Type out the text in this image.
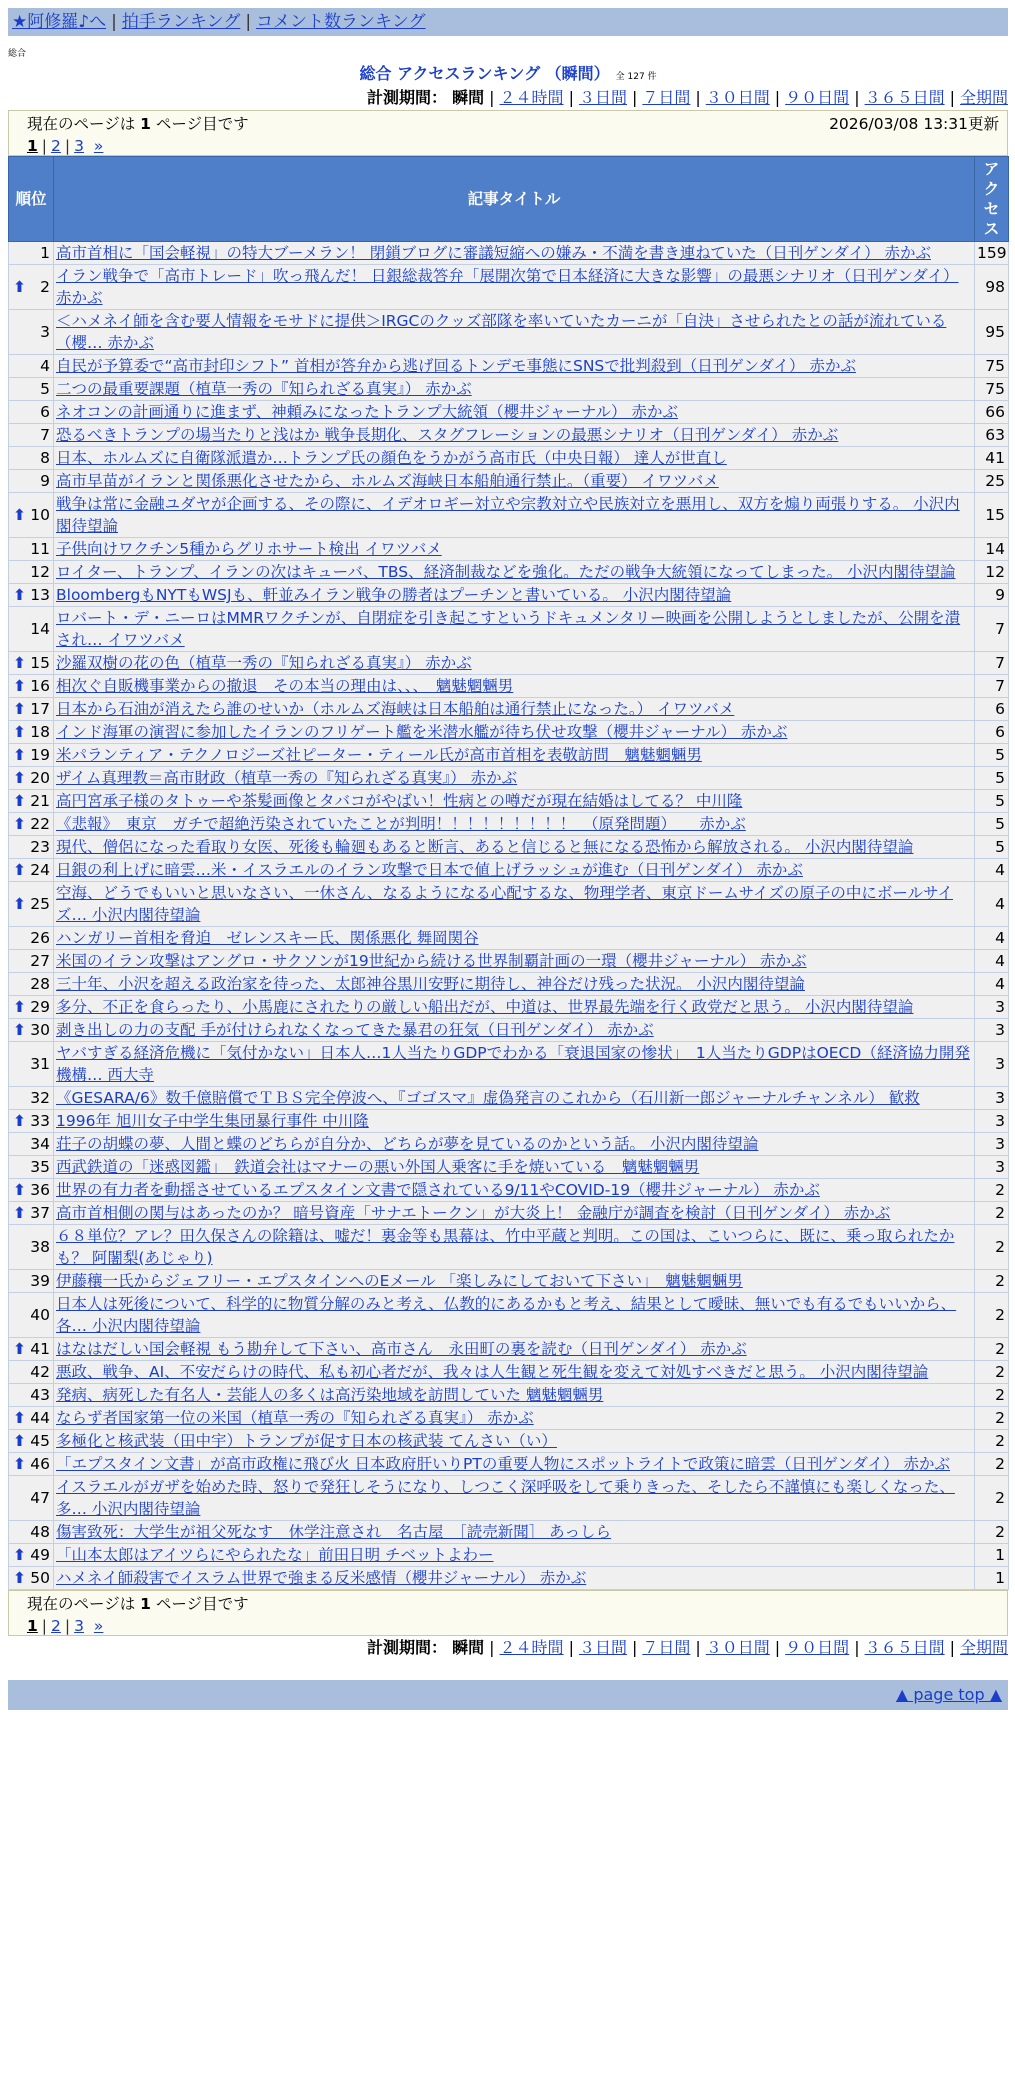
★阿修羅♪へ | 拍手ランキング | コメント数ランキング
総合
総合 アクセスランキング （瞬間） 全 127 件
計測期間： 瞬間 | ２４時間 | ３日間 | ７日間 | ３０日間 | ９０日間 | ３６５日間 | 全期間
現在のページは 1 ページ目です	2026/03/08 13:31更新
1 | 2 | 3 »
順位	記事タイトル	アクセス
1	高市首相に「国会軽視」の特大ブーメラン！ 閉鎖ブログに審議短縮への嫌み・不満を書き連ねていた（日刊ゲンダイ） 赤かぶ	159

⬆ 2	イラン戦争で「高市トレード」吹っ飛んだ！ 日銀総裁答弁「展開次第で日本経済に大きな影響」の最悪シナリオ（日刊ゲンダイ） 赤かぶ	98
3	＜ハメネイ師を含む要人情報をモサドに提供＞IRGCのクッズ部隊を率いていたカーニが「自決」させられたとの話が流れている（櫻… 赤かぶ	95
4	自民が予算委で“高市封印シフト” 首相が答弁から逃げ回るトンデモ事態にSNSで批判殺到（日刊ゲンダイ） 赤かぶ	75
5	二つの最重要課題（植草一秀の『知られざる真実』） 赤かぶ	75
6	ネオコンの計画通りに進まず、神頼みになったトランプ大統領（櫻井ジャーナル） 赤かぶ	66
7	恐るべきトランプの場当たりと浅はか 戦争長期化、スタグフレーションの最悪シナリオ（日刊ゲンダイ） 赤かぶ	63
8	日本、ホルムズに自衛隊派遣か…トランプ氏の顔色をうかがう高市氏（中央日報） 達人が世直し	41
9	高市早苗がイランと関係悪化させたから、ホルムズ海峡日本船舶通行禁止。（重要） イワツバメ	25

⬆ 10	戦争は常に金融ユダヤが企画する、その際に、イデオロギー対立や宗教対立や民族対立を悪用し、双方を煽り両張りする。 小沢内閣待望論	15
11	子供向けワクチン5種からグリホサート検出 イワツバメ	14
12	ロイター、トランプ、イランの次はキューバ、TBS、経済制裁などを強化。ただの戦争大統領になってしまった。 小沢内閣待望論	12

⬆ 13	BloombergもNYTもWSJも、軒並みイラン戦争の勝者はプーチンと書いている。 小沢内閣待望論	9
14	ロバート・デ・ニーロはMMRワクチンが、自閉症を引き起こすというドキュメンタリー映画を公開しようとしましたが、公開を潰され… イワツバメ	7

⬆ 15	沙羅双樹の花の色（植草一秀の『知られざる真実』） 赤かぶ	7

⬆ 16	相次ぐ自販機事業からの撤退　その本当の理由は、、、　魑魅魍魎男	7

⬆ 17	日本から石油が消えたら誰のせいか（ホルムズ海峡は日本船舶は通行禁止になった。） イワツバメ	6

⬆ 18	インド海軍の演習に参加したイランのフリゲート艦を米潜水艦が待ち伏せ攻撃（櫻井ジャーナル） 赤かぶ	6

⬆ 19	米パランティア・テクノロジーズ社ピーター・ティール氏が高市首相を表敬訪問　魑魅魍魎男	5

⬆ 20	ザイム真理教＝高市財政（植草一秀の『知られざる真実』） 赤かぶ	5

⬆ 21	高円宮承子様のタトゥーや茶髪画像とタバコがやばい！性病との噂だが現在結婚はしてる？ 中川隆	5

⬆ 22	《悲報》　東京　ガチで超絶汚染されていたことが判明！！！！！！！！！　（原発問題）　　赤かぶ	5
23	現代、僧侶になった看取り女医、死後も輪廻もあると断言、あると信じると無になる恐怖から解放される。 小沢内閣待望論	5

⬆ 24	日銀の利上げに暗雲…米・イスラエルのイラン攻撃で日本で値上げラッシュが進む（日刊ゲンダイ） 赤かぶ	4

⬆ 25	空海、どうでもいいと思いなさい、一休さん、なるようになる心配するな、物理学者、東京ドームサイズの原子の中にボールサイズ… 小沢内閣待望論	4
26	ハンガリー首相を脅迫　ゼレンスキー氏、関係悪化 舞岡関谷	4
27	米国のイラン攻撃はアングロ・サクソンが19世紀から続ける世界制覇計画の一環（櫻井ジャーナル） 赤かぶ	4
28	三十年、小沢を超える政治家を待った、太郎神谷黒川安野に期待し、神谷だけ残った状況。 小沢内閣待望論	4

⬆ 29	多分、不正を食らったり、小馬鹿にされたりの厳しい船出だが、中道は、世界最先端を行く政党だと思う。 小沢内閣待望論	3

⬆ 30	剥き出しの力の支配 手が付けられなくなってきた暴君の狂気（日刊ゲンダイ） 赤かぶ	3
31	ヤバすぎる経済危機に「気付かない」日本人…1人当たりGDPでわかる「衰退国家の惨状」　1人当たりGDPはOECD（経済協力開発機構… 西大寺	3
32	《GESARA/6》数千億賠償でＴＢＳ完全停波へ、『ゴゴスマ』虚偽発言のこれから（石川新一郎ジャーナルチャンネル） 歓救	3

⬆ 33	1996年 旭川女子中学生集団暴行事件 中川隆	3
34	荘子の胡蝶の夢、人間と蝶のどちらが自分か、どちらが夢を見ているのかという話。 小沢内閣待望論	3
35	西武鉄道の「迷惑図鑑」　鉄道会社はマナーの悪い外国人乗客に手を焼いている　魑魅魍魎男	3

⬆ 36	世界の有力者を動揺させているエプスタイン文書で隠されている9/11やCOVID-19（櫻井ジャーナル） 赤かぶ	2

⬆ 37	高市首相側の関与はあったのか？ 暗号資産「サナエトークン」が大炎上！ 金融庁が調査を検討（日刊ゲンダイ） 赤かぶ	2
38	６８単位？アレ？田久保さんの除籍は、嘘だ！裏金等も黒幕は、竹中平蔵と判明。この国は、こいつらに、既に、乗っ取られたかも？ 阿闍梨(あじゃり)	2
39	伊藤穰一氏からジェフリー・エプスタインへのEメール 「楽しみにしておいて下さい」　魑魅魍魎男	2
40	日本人は死後について、科学的に物質分解のみと考え、仏教的にあるかもと考え、結果として曖昧、無いでも有るでもいいから、各… 小沢内閣待望論	2

⬆ 41	はなはだしい国会軽視 もう勘弁して下さい、高市さん　永田町の裏を読む（日刊ゲンダイ） 赤かぶ	2
42	悪政、戦争、AI、不安だらけの時代、私も初心者だが、我々は人生観と死生観を変えて対処すべきだと思う。 小沢内閣待望論	2
43	発病、病死した有名人・芸能人の多くは高汚染地域を訪問していた 魑魅魍魎男	2

⬆ 44	ならず者国家第一位の米国（植草一秀の『知られざる真実』） 赤かぶ	2

⬆ 45	多極化と核武装（田中宇）トランプが促す日本の核武装 てんさい（い）	2

⬆ 46	「エプスタイン文書」が高市政権に飛び火 日本政府肝いりPTの重要人物にスポットライトで政策に暗雲（日刊ゲンダイ） 赤かぶ	2
47	イスラエルがガザを始めた時、怒りで発狂しそうになり、しつこく深呼吸をして乗りきった、そしたら不謹慎にも楽しくなった、多… 小沢内閣待望論	2
48	傷害致死：大学生が祖父死なす　休学注意され　名古屋　［読売新聞］ あっしら	2

⬆ 49	「山本太郎はアイツらにやられたな」前田日明 チベットよわー	1

⬆ 50	ハメネイ師殺害でイスラム世界で強まる反米感情（櫻井ジャーナル） 赤かぶ	1
現在のページは 1 ページ目です
1 | 2 | 3 »
計測期間： 瞬間 | ２４時間 | ３日間 | ７日間 | ３０日間 | ９０日間 | ３６５日間 | 全期間
▲ page top ▲
